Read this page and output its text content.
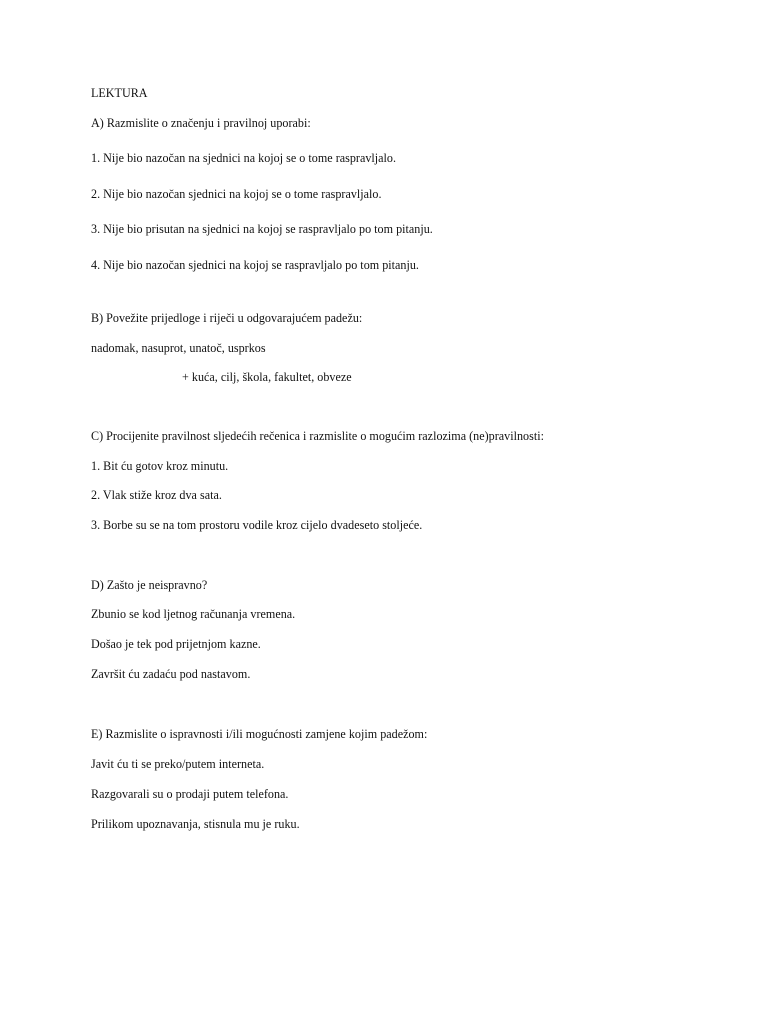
LEKTURA
A) Razmislite o značenju i pravilnoj uporabi:
1. Nije bio nazočan na sjednici na kojoj se o tome raspravljalo.
2. Nije bio nazočan sjednici na kojoj se o tome raspravljalo.
3. Nije bio prisutan na sjednici na kojoj se raspravljalo po tom pitanju.
4. Nije bio nazočan sjednici na kojoj se raspravljalo po tom pitanju.
B) Povežite prijedloge i riječi u odgovarajućem padežu:
nadomak, nasuprot, unatoč, usprkos
+ kuća, cilj, škola, fakultet, obveze
C) Procijenite pravilnost sljedećih rečenica i razmislite o mogućim razlozima (ne)pravilnosti:
1. Bit ću gotov kroz minutu.
2. Vlak stiže kroz dva sata.
3. Borbe su se na tom prostoru vodile kroz cijelo dvadeseto stoljeće.
D) Zašto je neispravno?
Zbunio se kod ljetnog računanja vremena.
Došao je tek pod prijetnjom kazne.
Završit ću zadaću pod nastavom.
E) Razmislite o ispravnosti i/ili mogućnosti zamjene kojim padežom:
Javit ću ti se preko/putem interneta.
Razgovarali su o prodaji putem telefona.
Prilikom upoznavanja, stisnula mu je ruku.
